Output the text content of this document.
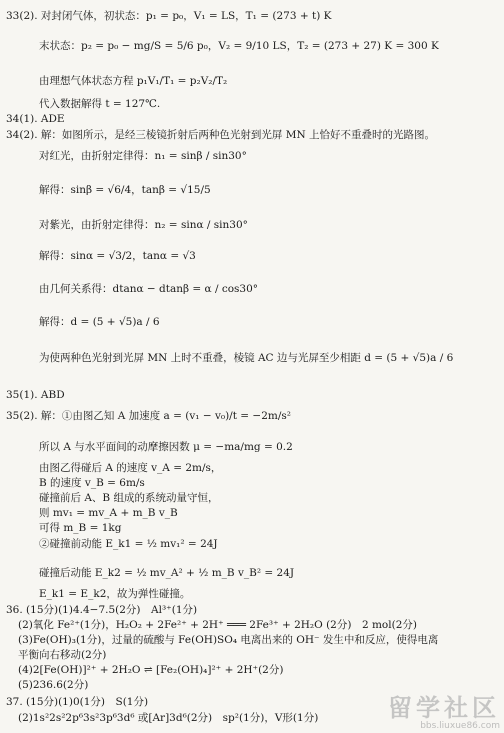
33(2). 对封闭气体，初状态：p₁ = p₀，V₁ = LS，T₁ = (273 + t) K
末状态：p₂ = p₀ − mg/S = 5/6 p₀，V₂ = 9/10 LS，T₂ = (273 + 27) K = 300 K
由理想气体状态方程 p₁V₁/T₁ = p₂V₂/T₂
代入数据解得 t = 127℃.
34(1). ADE
34(2). 解：如图所示，是经三棱镜折射后两种色光射到光屏 MN 上恰好不重叠时的光路图。
对红光，由折射定律得：n₁ = sinβ / sin30°
解得：sinβ = √6/4，tanβ = √15/5
对紫光，由折射定律得：n₂ = sinα / sin30°
解得：sinα = √3/2，tanα = √3
由几何关系得：dtanα − dtanβ = α / cos30°
解得：d = (5 + √5)a / 6
为使两种色光射到光屏 MN 上时不重叠，棱镜 AC 边与光屏至少相距 d = (5 + √5)a / 6
35(1). ABD
35(2). 解：①由图乙知 A 加速度 a = (v₁ − v₀)/t = −2m/s²
所以 A 与水平面间的动摩擦因数 μ = −ma/mg = 0.2
由图乙得碰后 A 的速度 v_A = 2m/s，
B 的速度 v_B = 6m/s
碰撞前后 A、B 组成的系统动量守恒，
则 mv₁ = mv_A + m_B v_B
可得 m_B = 1kg
②碰撞前动能 E_k1 = ½ mv₁² = 24J
碰撞后动能 E_k2 = ½ mv_A² + ½ m_B v_B² = 24J
E_k1 = E_k2，故为弹性碰撞。
36. (15分)(1)4.4−7.5(2分)　Al³⁺(1分)
(2)氧化 Fe²⁺(1分)，H₂O₂ + 2Fe²⁺ + 2H⁺ ═══ 2Fe³⁺ + 2H₂O (2分)　2 mol(2分)
(3)Fe(OH)₃(1分)，过量的硫酸与 Fe(OH)SO₄ 电离出来的 OH⁻ 发生中和反应，使得电离
平衡向右移动(2分)
(4)2[Fe(OH)]²⁺ + 2H₂O ⇌ [Fe₂(OH)₄]²⁺ + 2H⁺(2分)
(5)236.6(2分)
37. (15分)(1)0(1分)　S(1分)
(2)1s²2s²2p⁶3s²3p⁶3d⁶ 或[Ar]3d⁶(2分)　sp²(1分)，V形(1分)	留学社区
bbs.liuxue86.com
